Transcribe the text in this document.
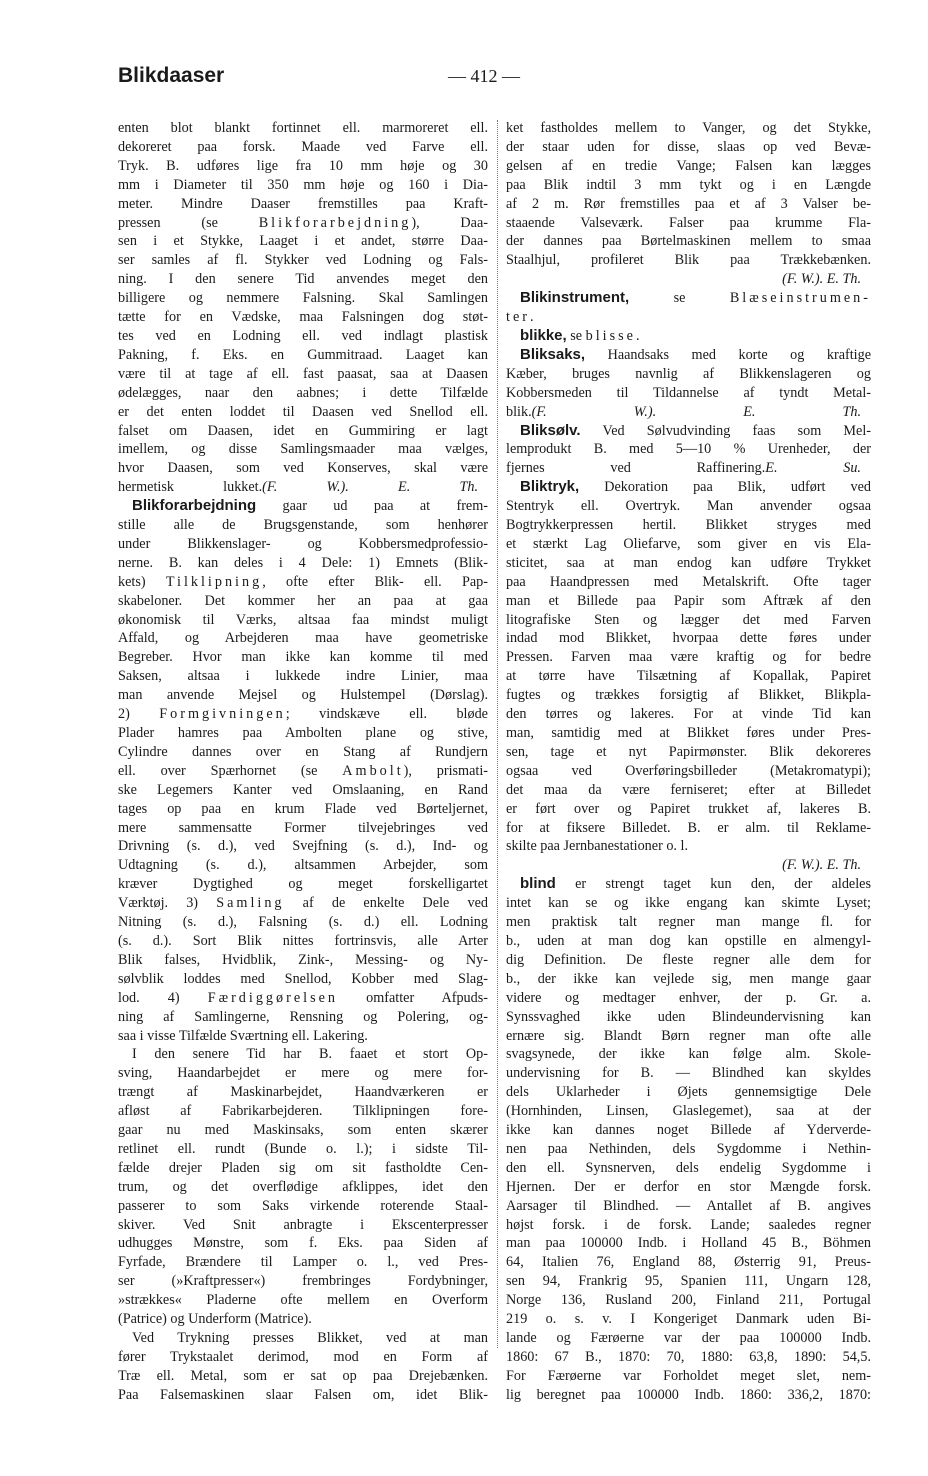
Blikdaaser	— 412 —
enten blot blankt fortinnet ell. marmoreret ell.
dekoreret paa forsk. Maade ved Farve ell.
Tryk. B. udføres lige fra 10 mm høje og 30
mm i Diameter til 350 mm høje og 160 i Dia-
meter. Mindre Daaser fremstilles paa Kraft-
pressen (se Blikforarbejdning), Daa-
sen i et Stykke, Laaget i et andet, større Daa-
ser samles af fl. Stykker ved Lodning og Fals-
ning. I den senere Tid anvendes meget den
billigere og nemmere Falsning. Skal Samlingen
tætte for en Vædske, maa Falsningen dog støt-
tes ved en Lodning ell. ved indlagt plastisk
Pakning, f. Eks. en Gummitraad. Laaget kan
være til at tage af ell. fast paasat, saa at Daasen
ødelægges, naar den aabnes; i dette Tilfælde
er det enten loddet til Daasen ved Snellod ell.
falset om Daasen, idet en Gummiring er lagt
imellem, og disse Samlingsmaader maa vælges,
hvor Daasen, som ved Konserves, skal være
hermetisk lukket.(F. W.). E. Th.
Blikforarbejdning gaar ud paa at frem-
stille alle de Brugsgenstande, som henhører
under Blikkenslager- og Kobbersmedprofessio-
nerne. B. kan deles i 4 Dele: 1) Emnets (Blik-
kets) Tilklipning, ofte efter Blik- ell. Pap-
skabeloner. Det kommer her an paa at gaa
økonomisk til Værks, altsaa faa mindst muligt
Affald, og Arbejderen maa have geometriske
Begreber. Hvor man ikke kan komme til med
Saksen, altsaa i lukkede indre Linier, maa
man anvende Mejsel og Hulstempel (Dørslag).
2) Formgivningen; vindskæve ell. bløde
Plader hamres paa Ambolten plane og stive,
Cylindre dannes over en Stang af Rundjern
ell. over Spærhornet (se Ambolt), prismati-
ske Legemers Kanter ved Omslaaning, en Rand
tages op paa en krum Flade ved Børteljernet,
mere sammensatte Former tilvejebringes ved
Drivning (s. d.), ved Svejfning (s. d.), Ind- og
Udtagning (s. d.), altsammen Arbejder, som
kræver Dygtighed og meget forskelligartet
Værktøj. 3) Samling af de enkelte Dele ved
Nitning (s. d.), Falsning (s. d.) ell. Lodning
(s. d.). Sort Blik nittes fortrinsvis, alle Arter
Blik falses, Hvidblik, Zink-, Messing- og Ny-
sølvblik loddes med Snellod, Kobber med Slag-
lod. 4) Færdiggørelsen omfatter Afpuds-
ning af Samlingerne, Rensning og Polering, og-
saa i visse Tilfælde Sværtning ell. Lakering.
I den senere Tid har B. faaet et stort Op-
sving, Haandarbejdet er mere og mere for-
trængt af Maskinarbejdet, Haandværkeren er
afløst af Fabrikarbejderen. Tilklipningen fore-
gaar nu med Maskinsaks, som enten skærer
retlinet ell. rundt (Bunde o. l.); i sidste Til-
fælde drejer Pladen sig om sit fastholdte Cen-
trum, og det overflødige afklippes, idet den
passerer to som Saks virkende roterende Staal-
skiver. Ved Snit anbragte i Ekscenterpresser
udhugges Mønstre, som f. Eks. paa Siden af
Fyrfade, Brændere til Lamper o. l., ved Pres-
ser (»Kraftpresser«) frembringes Fordybninger,
»strækkes« Pladerne ofte mellem en Overform
(Patrice) og Underform (Matrice).
Ved Trykning presses Blikket, ved at man
fører Trykstaalet derimod, mod en Form af
Træ ell. Metal, som er sat op paa Drejebænken.
Paa Falsemaskinen slaar Falsen om, idet Blik-
ket fastholdes mellem to Vanger, og det Stykke,
der staar uden for disse, slaas op ved Bevæ-
gelsen af en tredie Vange; Falsen kan lægges
paa Blik indtil 3 mm tykt og i en Længde
af 2 m. Rør fremstilles paa et af 3 Valser be-
staaende Valseværk. Falser paa krumme Fla-
der dannes paa Børtelmaskinen mellem to smaa
Staalhjul, profileret Blik paa Trækkebænken.
(F. W.). E. Th.
Blikinstrument, se Blæseinstrumen-
ter.
blikke, se blisse.
Bliksaks, Haandsaks med korte og kraftige
Kæber, bruges navnlig af Blikkenslageren og
Kobbersmeden til Tildannelse af tyndt Metal-
blik.(F. W.). E. Th.
Bliksølv. Ved Sølvudvinding faas som Mel-
lemprodukt B. med 5—10 % Urenheder, der
fjernes ved Raffinering.E. Su.
Bliktryk, Dekoration paa Blik, udført ved
Stentryk ell. Overtryk. Man anvender ogsaa
Bogtrykkerpressen hertil. Blikket stryges med
et stærkt Lag Oliefarve, som giver en vis Ela-
sticitet, saa at man endog kan udføre Trykket
paa Haandpressen med Metalskrift. Ofte tager
man et Billede paa Papir som Aftræk af den
litografiske Sten og lægger det med Farven
indad mod Blikket, hvorpaa dette føres under
Pressen. Farven maa være kraftig og for bedre
at tørre have Tilsætning af Kopallak, Papiret
fugtes og trækkes forsigtig af Blikket, Blikpla-
den tørres og lakeres. For at vinde Tid kan
man, samtidig med at Blikket føres under Pres-
sen, tage et nyt Papirmønster. Blik dekoreres
ogsaa ved Overføringsbilleder (Metakromatypi);
det maa da være ferniseret; efter at Billedet
er ført over og Papiret trukket af, lakeres B.
for at fiksere Billedet. B. er alm. til Reklame-
skilte paa Jernbanestationer o. l.
(F. W.). E. Th.
blind er strengt taget kun den, der aldeles
intet kan se og ikke engang kan skimte Lyset;
men praktisk talt regner man mange fl. for
b., uden at man dog kan opstille en almengyl-
dig Definition. De fleste regner alle dem for
b., der ikke kan vejlede sig, men mange gaar
videre og medtager enhver, der p. Gr. a.
Synssvaghed ikke uden Blindeundervisning kan
ernære sig. Blandt Børn regner man ofte alle
svagsynede, der ikke kan følge alm. Skole-
undervisning for B. — Blindhed kan skyldes
dels Uklarheder i Øjets gennemsigtige Dele
(Hornhinden, Linsen, Glaslegemet), saa at der
ikke kan dannes noget Billede af Yderverde-
nen paa Nethinden, dels Sygdomme i Nethin-
den ell. Synsnerven, dels endelig Sygdomme i
Hjernen. Der er derfor en stor Mængde forsk.
Aarsager til Blindhed. — Antallet af B. angives
højst forsk. i de forsk. Lande; saaledes regner
man paa 100000 Indb. i Holland 45 B., Böhmen
64, Italien 76, England 88, Østerrig 91, Preus-
sen 94, Frankrig 95, Spanien 111, Ungarn 128,
Norge 136, Rusland 200, Finland 211, Portugal
219 o. s. v. I Kongeriget Danmark uden Bi-
lande og Færøerne var der paa 100000 Indb.
1860: 67 B., 1870: 70, 1880: 63,8, 1890: 54,5.
For Færøerne var Forholdet meget slet, nem-
lig beregnet paa 100000 Indb. 1860: 336,2, 1870:
